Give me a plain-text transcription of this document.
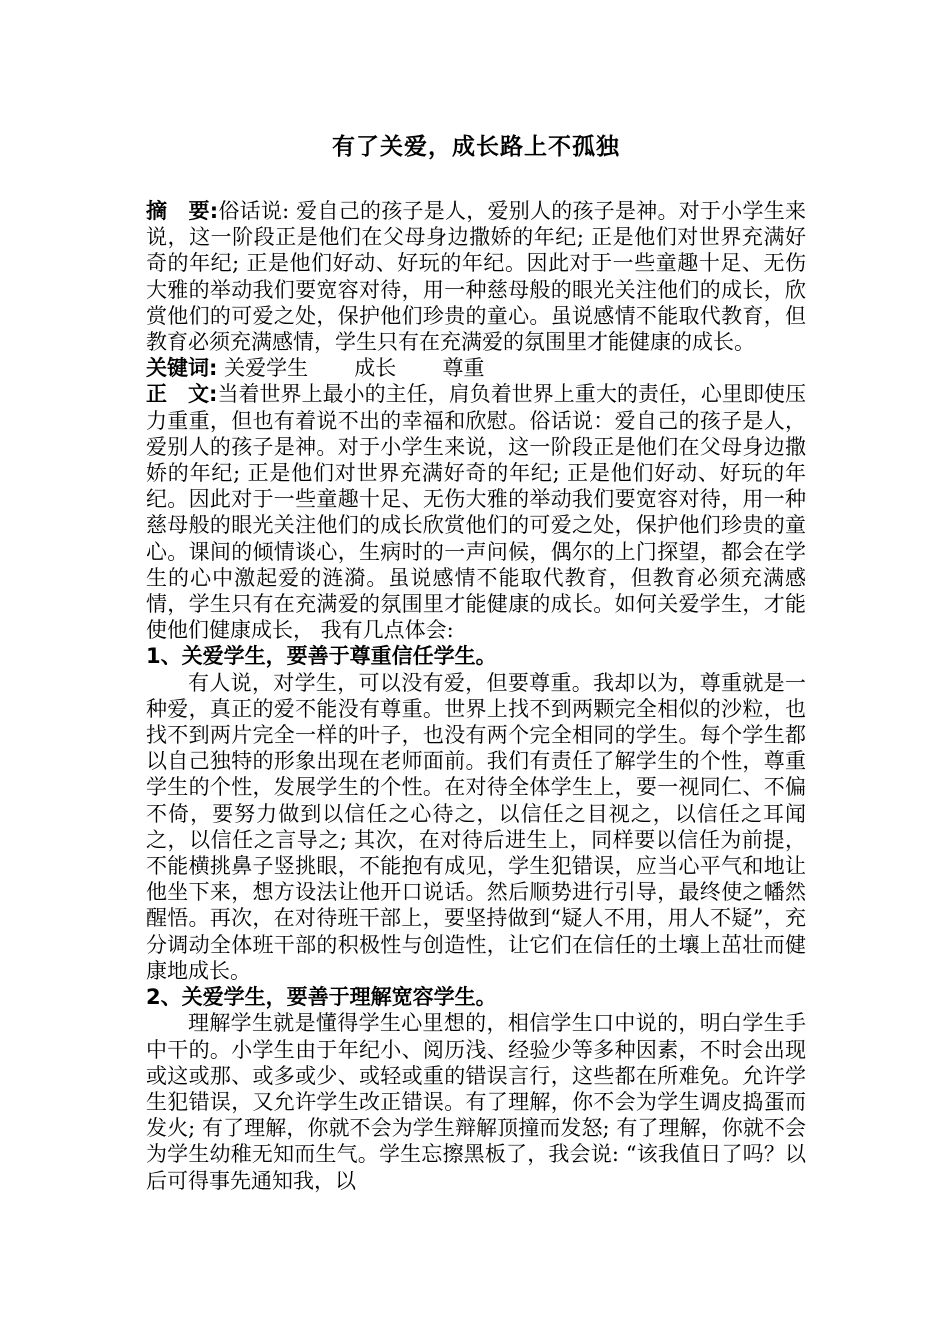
有了关爱，成长路上不孤独

摘　要:俗话说: 爱自己的孩子是人，爱别人的孩子是神。对于小学生来说，这一阶段正是他们在父母身边撒娇的年纪; 正是他们对世界充满好奇的年纪; 正是他们好动、好玩的年纪。因此对于一些童趣十足、无伤大雅的举动我们要宽容对待，用一种慈母般的眼光关注他们的成长，欣赏他们的可爱之处，保护他们珍贵的童心。虽说感情不能取代教育，但教育必须充满感情，学生只有在充满爱的氛围里才能健康的成长。

关键词: 关爱学生 成长 尊重

正　文:当着世界上最小的主任，肩负着世界上重大的责任，心里即使压力重重，但也有着说不出的幸福和欣慰。俗话说：爱自己的孩子是人，爱别人的孩子是神。对于小学生来说，这一阶段正是他们在父母身边撒娇的年纪; 正是他们对世界充满好奇的年纪; 正是他们好动、好玩的年纪。因此对于一些童趣十足、无伤大雅的举动我们要宽容对待，用一种慈母般的眼光关注他们的成长欣赏他们的可爱之处，保护他们珍贵的童心。课间的倾情谈心，生病时的一声问候，偶尔的上门探望，都会在学生的心中激起爱的涟漪。虽说感情不能取代教育，但教育必须充满感情，学生只有在充满爱的氛围里才能健康的成长。如何关爱学生，才能使他们健康成长， 我有几点体会:

1、关爱学生，要善于尊重信任学生。

有人说，对学生，可以没有爱，但要尊重。我却以为，尊重就是一种爱，真正的爱不能没有尊重。世界上找不到两颗完全相似的沙粒，也找不到两片完全一样的叶子，也没有两个完全相同的学生。每个学生都以自己独特的形象出现在老师面前。我们有责任了解学生的个性，尊重学生的个性，发展学生的个性。在对待全体学生上，要一视同仁、不偏不倚，要努力做到以信任之心待之，以信任之目视之，以信任之耳闻之，以信任之言导之; 其次，在对待后进生上，同样要以信任为前提，不能横挑鼻子竖挑眼，不能抱有成见，学生犯错误，应当心平气和地让他坐下来，想方设法让他开口说话。然后顺势进行引导，最终使之幡然醒悟。再次，在对待班干部上，要坚持做到“疑人不用，用人不疑”，充分调动全体班干部的积极性与创造性，让它们在信任的土壤上茁壮而健康地成长。

2、关爱学生，要善于理解宽容学生。

理解学生就是懂得学生心里想的，相信学生口中说的，明白学生手中干的。小学生由于年纪小、阅历浅、经验少等多种因素，不时会出现或这或那、或多或少、或轻或重的错误言行，这些都在所难免。允许学生犯错误，又允许学生改正错误。有了理解，你不会为学生调皮捣蛋而发火; 有了理解，你就不会为学生辩解顶撞而发怒; 有了理解，你就不会为学生幼稚无知而生气。学生忘擦黑板了，我会说: “该我值日了吗？以后可得事先通知我，以
